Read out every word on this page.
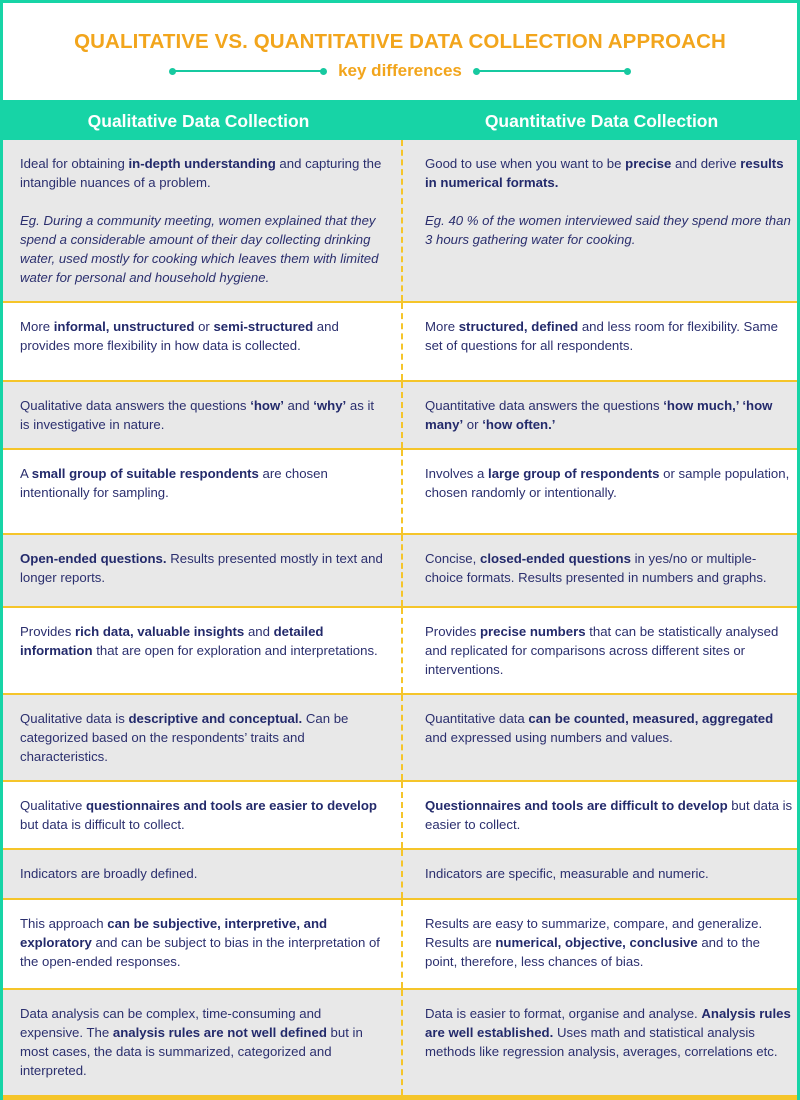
QUALITATIVE VS. QUANTITATIVE DATA COLLECTION APPROACH
key differences
Qualitative Data Collection	Quantitative Data Collection

Ideal for obtaining in-depth understanding and capturing the intangible nuances of a problem.

Eg. During a community meeting, women explained that they spend a considerable amount of their day collecting drinking water, used mostly for cooking which leaves them with limited water for personal and household hygiene.

Good to use when you want to be precise and derive results in numerical formats.

Eg. 40 % of the women interviewed said they spend more than 3 hours gathering water for cooking.

More informal, unstructured or semi-structured and provides more flexibility in how data is collected.

More structured, defined and less room for flexibility. Same set of questions for all respondents.

Qualitative data answers the questions ‘how’ and ‘why’ as it is investigative in nature.

Quantitative data answers the questions ‘how much,’ ‘how many’ or ‘how often.’

A small group of suitable respondents are chosen intentionally for sampling.

Involves a large group of respondents or sample population, chosen randomly or intentionally.

Open-ended questions. Results presented mostly in text and longer reports.

Concise, closed-ended questions in yes/no or multiple-choice formats. Results presented in numbers and graphs.

Provides rich data, valuable insights and detailed information that are open for exploration and interpretations.

Provides precise numbers that can be statistically analysed and replicated for comparisons across different sites or interventions.

Qualitative data is descriptive and conceptual. Can be categorized based on the respondents’ traits and characteristics.

Quantitative data can be counted, measured, aggregated and expressed using numbers and values.

Qualitative questionnaires and tools are easier to develop but data is difficult to collect.

Questionnaires and tools are difficult to develop but data is easier to collect.

Indicators are broadly defined.	Indicators are specific, measurable and numeric.

This approach can be subjective, interpretive, and exploratory and can be subject to bias in the interpretation of the open-ended responses.

Results are easy to summarize, compare, and generalize. Results are numerical, objective, conclusive and to the point, therefore, less chances of bias.

Data analysis can be complex, time-consuming and expensive. The analysis rules are not well defined but in most cases, the data is summarized, categorized and interpreted.

Data is easier to format, organise and analyse. Analysis rules are well established. Uses math and statistical analysis methods like regression analysis, averages, correlations etc.
